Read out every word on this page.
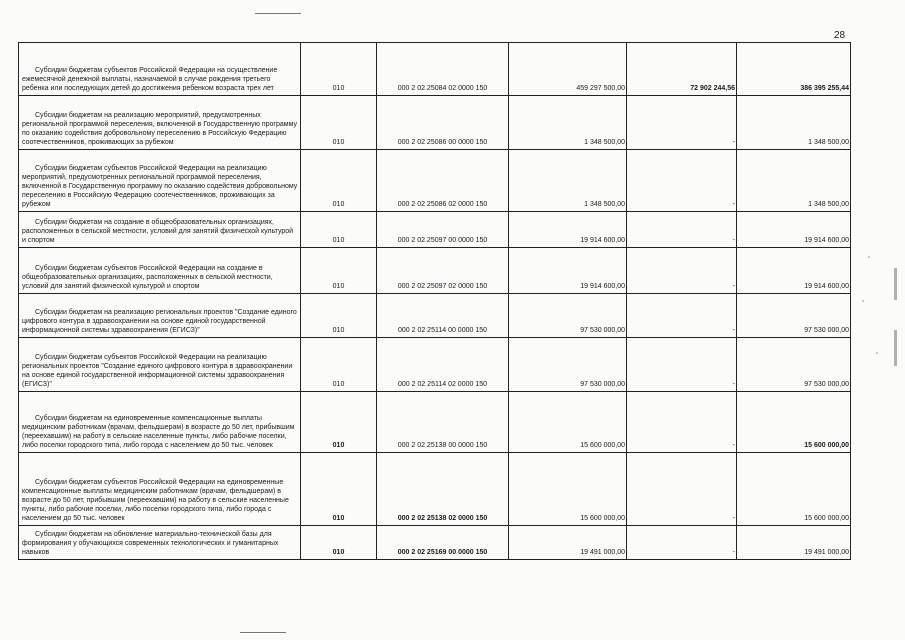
28
Субсидии бюджетам субъектов Российской Федерации на осуществление ежемесячной денежной выплаты, назначаемой в случае рождения третьего ребенка или последующих детей до достижения ребенком возраста трех лет	010	000 2 02 25084 02 0000 150	459 297 500,00	72 902 244,56	386 395 255,44
Субсидии бюджетам на реализацию мероприятий, предусмотренных региональной программой переселения, включенной в Государственную программу по оказанию содействия добровольному переселению в Российскую Федерацию соотечественников, проживающих за рубежом	010	000 2 02 25086 00 0000 150	1 348 500,00	-	1 348 500,00
Субсидии бюджетам субъектов Российской Федерации на реализацию мероприятий, предусмотренных региональной программой переселения, включенной в Государственную программу по оказанию содействия добровольному переселению в Российскую Федерацию соотечественников, проживающих за рубежом	010	000 2 02 25086 02 0000 150	1 348 500,00	-	1 348 500,00
Субсидии бюджетам на создание в общеобразовательных организациях, расположенных в сельской местности, условий для занятий физической культурой и спортом	010	000 2 02 25097 00 0000 150	19 914 600,00	-	19 914 600,00
Субсидии бюджетам субъектов Российской Федерации на создание в общеобразовательных организациях, расположенных в сельской местности, условий для занятий физической культурой и спортом	010	000 2 02 25097 02 0000 150	19 914 600,00	-	19 914 600,00
Субсидии бюджетам на реализацию региональных проектов "Создание единого цифрового контура в здравоохранении на основе единой государственной информационной системы здравоохранения (ЕГИСЗ)"	010	000 2 02 25114 00 0000 150	97 530 000,00	-	97 530 000,00
Субсидии бюджетам субъектов Российской Федерации на реализацию региональных проектов "Создание единого цифрового контура в здравоохранении на основе единой государственной информационной системы здравоохранения (ЕГИСЗ)"	010	000 2 02 25114 02 0000 150	97 530 000,00	-	97 530 000,00
Субсидии бюджетам на единовременные компенсационные выплаты медицинским работникам (врачам, фельдшерам) в возрасте до 50 лет, прибывшим (переехавшим) на работу в сельские населенные пункты, либо рабочие поселки, либо поселки городского типа, либо города с населением до 50 тыс. человек	010	000 2 02 25138 00 0000 150	15 600 000,00	-	15 600 000,00
Субсидии бюджетам субъектов Российской Федерации на единовременные компенсационные выплаты медицинским работникам (врачам, фельдшерам) в возрасте до 50 лет, прибывшим (переехавшим) на работу в сельские населенные пункты, либо рабочие поселки, либо поселки городского типа, либо города с населением до 50 тыс. человек	010	000 2 02 25138 02 0000 150	15 600 000,00	-	15 600 000,00
Субсидии бюджетам на обновление материально-технической базы для формирования у обучающихся современных технологических и гуманитарных навыков	010	000 2 02 25169 00 0000 150	19 491 000,00	-	19 491 000,00
